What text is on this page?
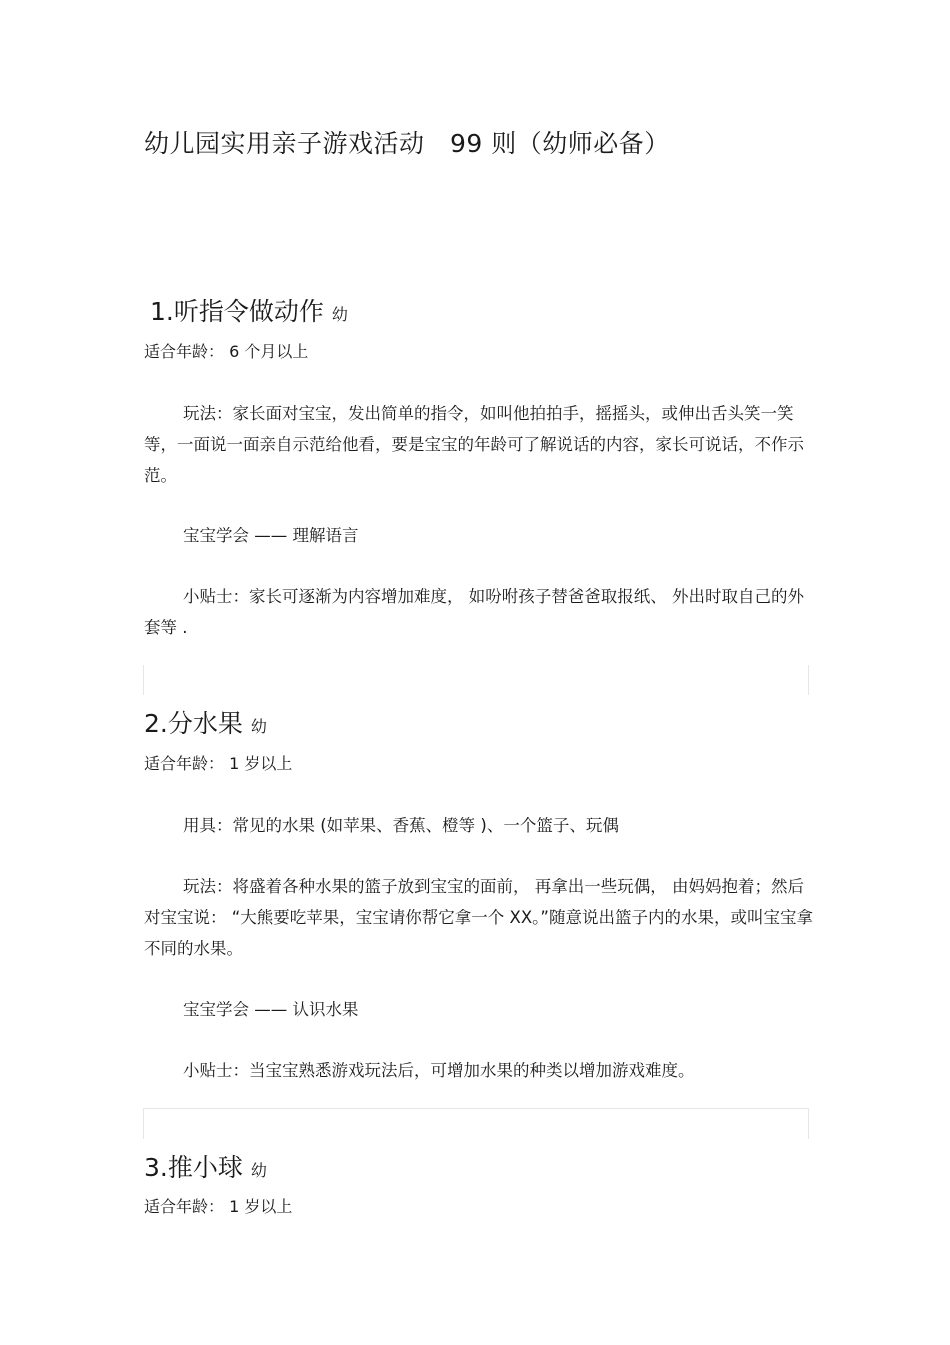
幼儿园实用亲子游戏活动　99 则（幼师必备）
1.听指令做动作 幼
适合年龄： 6 个月以上
玩法：家长面对宝宝，发出简单的指令，如叫他拍拍手，摇摇头，或伸出舌头笑一笑等，一面说一面亲自示范给他看，要是宝宝的年龄可了解说话的内容，家长可说话，不作示范。
宝宝学会 —— 理解语言
小贴士：家长可逐渐为内容增加难度， 如吩咐孩子替爸爸取报纸、 外出时取自己的外套等 .
2.分水果 幼
适合年龄： 1 岁以上
用具：常见的水果 (如苹果、香蕉、橙等 )、一个篮子、玩偶
玩法：将盛着各种水果的篮子放到宝宝的面前， 再拿出一些玩偶， 由妈妈抱着；然后对宝宝说： “大熊要吃苹果，宝宝请你帮它拿一个 XX。”随意说出篮子内的水果，或叫宝宝拿不同的水果。
宝宝学会 —— 认识水果
小贴士：当宝宝熟悉游戏玩法后，可增加水果的种类以增加游戏难度。
3.推小球 幼
适合年龄： 1 岁以上
